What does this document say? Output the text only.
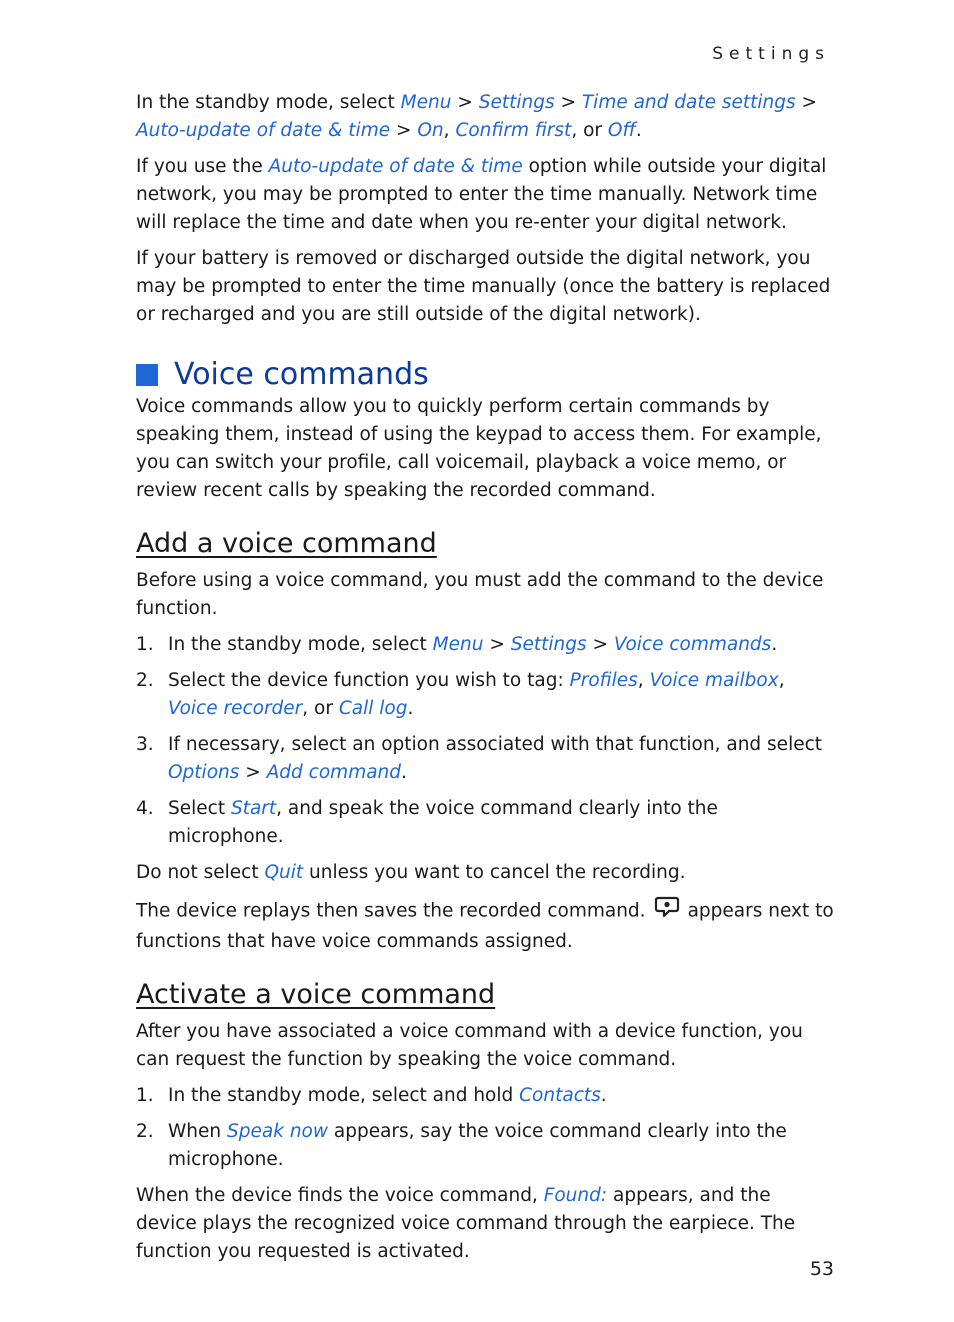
Settings

In the standby mode, select Menu > Settings > Time and date settings > Auto-update of date & time > On, Confirm first, or Off.

If you use the Auto-update of date & time option while outside your digital network, you may be prompted to enter the time manually. Network time will replace the time and date when you re-enter your digital network.

If your battery is removed or discharged outside the digital network, you may be prompted to enter the time manually (once the battery is replaced or recharged and you are still outside of the digital network).

Voice commands

Voice commands allow you to quickly perform certain commands by speaking them, instead of using the keypad to access them. For example, you can switch your profile, call voicemail, playback a voice memo, or review recent calls by speaking the recorded command.

Add a voice command

Before using a voice command, you must add the command to the device function.

1. In the standby mode, select Menu > Settings > Voice commands.
2. Select the device function you wish to tag: Profiles, Voice mailbox, Voice recorder, or Call log.
3. If necessary, select an option associated with that function, and select Options > Add command.
4. Select Start, and speak the voice command clearly into the microphone.

Do not select Quit unless you want to cancel the recording.

The device replays then saves the recorded command. appears next to functions that have voice commands assigned.

Activate a voice command

After you have associated a voice command with a device function, you can request the function by speaking the voice command.

1. In the standby mode, select and hold Contacts.
2. When Speak now appears, say the voice command clearly into the microphone.

When the device finds the voice command, Found: appears, and the device plays the recognized voice command through the earpiece. The function you requested is activated.

53
